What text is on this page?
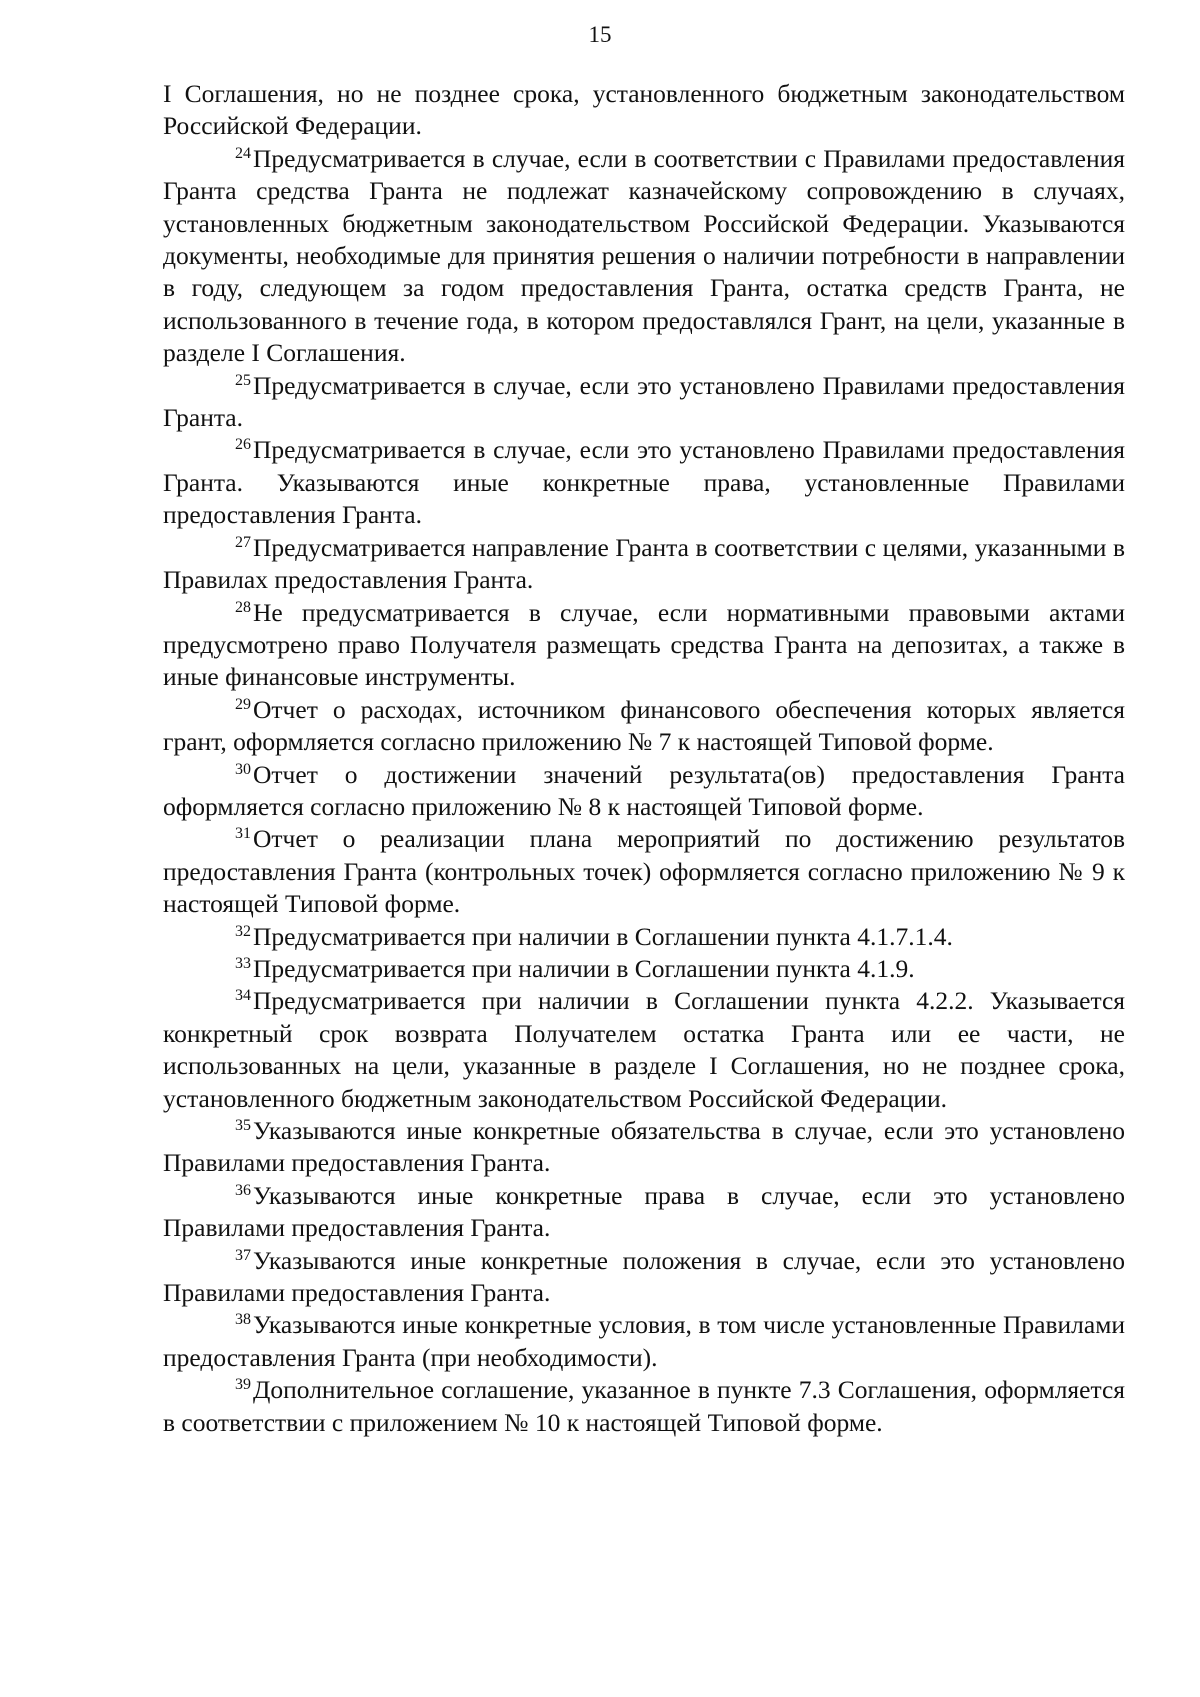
15

I Соглашения, но не позднее срока, установленного бюджетным законодательством Российской Федерации.

$^{24}$Предусматривается в случае, если в соответствии с Правилами предоставления Гранта средства Гранта не подлежат казначейскому сопровождению в случаях, установленных бюджетным законодательством Российской Федерации. Указываются документы, необходимые для принятия решения о наличии потребности в направлении в году, следующем за годом предоставления Гранта, остатка средств Гранта, не использованного в течение года, в котором предоставлялся Грант, на цели, указанные в разделе I Соглашения.

$^{25}$Предусматривается в случае, если это установлено Правилами предоставления Гранта.

$^{26}$Предусматривается в случае, если это установлено Правилами предоставления Гранта. Указываются иные конкретные права, установленные Правилами предоставления Гранта.

$^{27}$Предусматривается направление Гранта в соответствии с целями, указанными в Правилах предоставления Гранта.

$^{28}$Не предусматривается в случае, если нормативными правовыми актами предусмотрено право Получателя размещать средства Гранта на депозитах, а также в иные финансовые инструменты.

$^{29}$Отчет о расходах, источником финансового обеспечения которых является грант, оформляется согласно приложению № 7 к настоящей Типовой форме.

$^{30}$Отчет о достижении значений результата(ов) предоставления Гранта оформляется согласно приложению № 8 к настоящей Типовой форме.

$^{31}$Отчет о реализации плана мероприятий по достижению результатов предоставления Гранта (контрольных точек) оформляется согласно приложению № 9 к настоящей Типовой форме.

$^{32}$Предусматривается при наличии в Соглашении пункта 4.1.7.1.4.

$^{33}$Предусматривается при наличии в Соглашении пункта 4.1.9.

$^{34}$Предусматривается при наличии в Соглашении пункта 4.2.2. Указывается конкретный срок возврата Получателем остатка Гранта или ее части, не использованных на цели, указанные в разделе I Соглашения, но не позднее срока, установленного бюджетным законодательством Российской Федерации.

$^{35}$Указываются иные конкретные обязательства в случае, если это установлено Правилами предоставления Гранта.

$^{36}$Указываются иные конкретные права в случае, если это установлено Правилами предоставления Гранта.

$^{37}$Указываются иные конкретные положения в случае, если это установлено Правилами предоставления Гранта.

$^{38}$Указываются иные конкретные условия, в том числе установленные Правилами предоставления Гранта (при необходимости).

$^{39}$Дополнительное соглашение, указанное в пункте 7.3 Соглашения, оформляется в соответствии с приложением № 10 к настоящей Типовой форме.
